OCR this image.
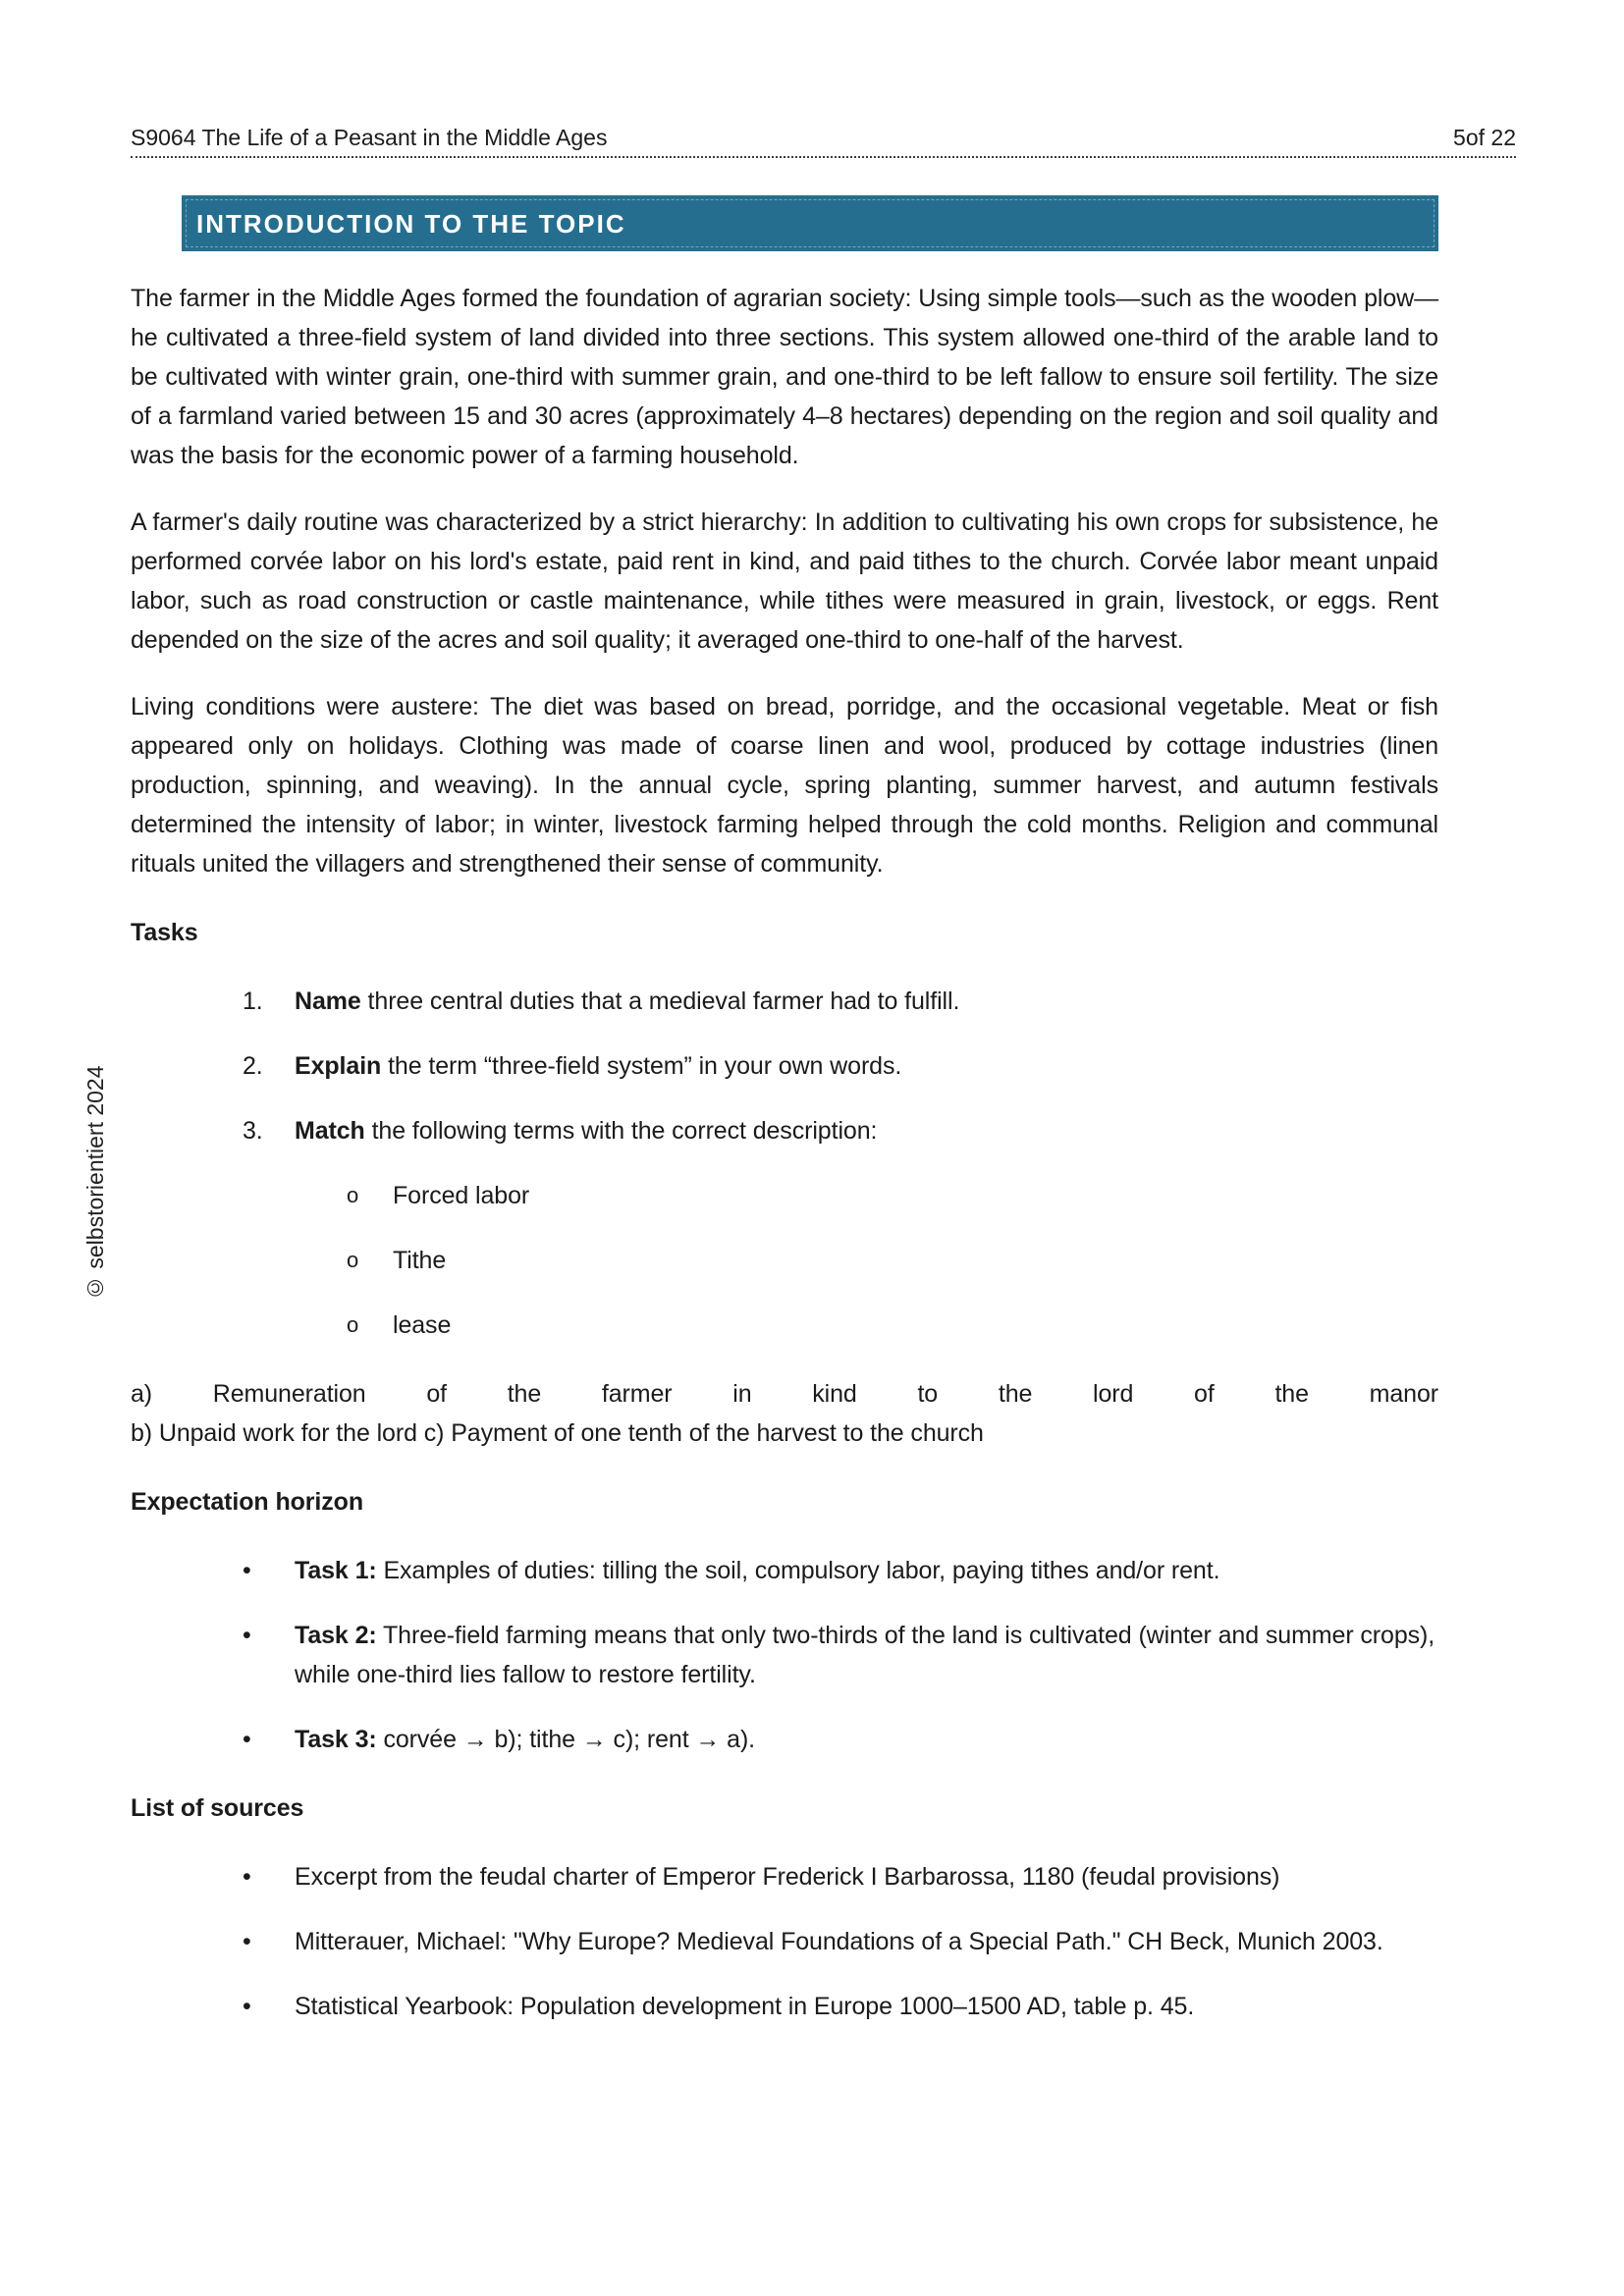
© selbstorientiert 2024
S9064 The Life of a Peasant in the Middle Ages	5of 22
INTRODUCTION TO THE TOPIC

The farmer in the Middle Ages formed the foundation of agrarian society: Using simple tools—such as the wooden plow—he cultivated a three-field system of land divided into three sections. This system allowed one-third of the arable land to be cultivated with winter grain, one-third with summer grain, and one-third to be left fallow to ensure soil fertility. The size of a farmland varied between 15 and 30 acres (approximately 4–8 hectares) depending on the region and soil quality and was the basis for the economic power of a farming household.

A farmer's daily routine was characterized by a strict hierarchy: In addition to cultivating his own crops for subsistence, he performed corvée labor on his lord's estate, paid rent in kind, and paid tithes to the church. Corvée labor meant unpaid labor, such as road construction or castle maintenance, while tithes were measured in grain, livestock, or eggs. Rent depended on the size of the acres and soil quality; it averaged one-third to one-half of the harvest.

Living conditions were austere: The diet was based on bread, porridge, and the occasional vegetable. Meat or fish appeared only on holidays. Clothing was made of coarse linen and wool, produced by cottage industries (linen production, spinning, and weaving). In the annual cycle, spring planting, summer harvest, and autumn festivals determined the intensity of labor; in winter, livestock farming helped through the cold months. Religion and communal rituals united the villagers and strengthened their sense of community.

Tasks
1.	Name three central duties that a medieval farmer had to fulfill.
2.	Explain the term “three-field system” in your own words.
3.	Match the following terms with the correct description:
o	Forced labor
o	Tithe
o	lease
a) Remuneration of the farmer in kind to the lord of the manor
b) Unpaid work for the lord c) Payment of one tenth of the harvest to the church
Expectation horizon
•	Task 1: Examples of duties: tilling the soil, compulsory labor, paying tithes and/or rent.
•	Task 2: Three-field farming means that only two-thirds of the land is cultivated (winter and summer crops), while one-third lies fallow to restore fertility.
•	Task 3: corvée → b); tithe → c); rent → a).
List of sources
•	Excerpt from the feudal charter of Emperor Frederick I Barbarossa, 1180 (feudal provisions)
•	Mitterauer, Michael: "Why Europe? Medieval Foundations of a Special Path." CH Beck, Munich 2003.
•	Statistical Yearbook: Population development in Europe 1000–1500 AD, table p. 45.
